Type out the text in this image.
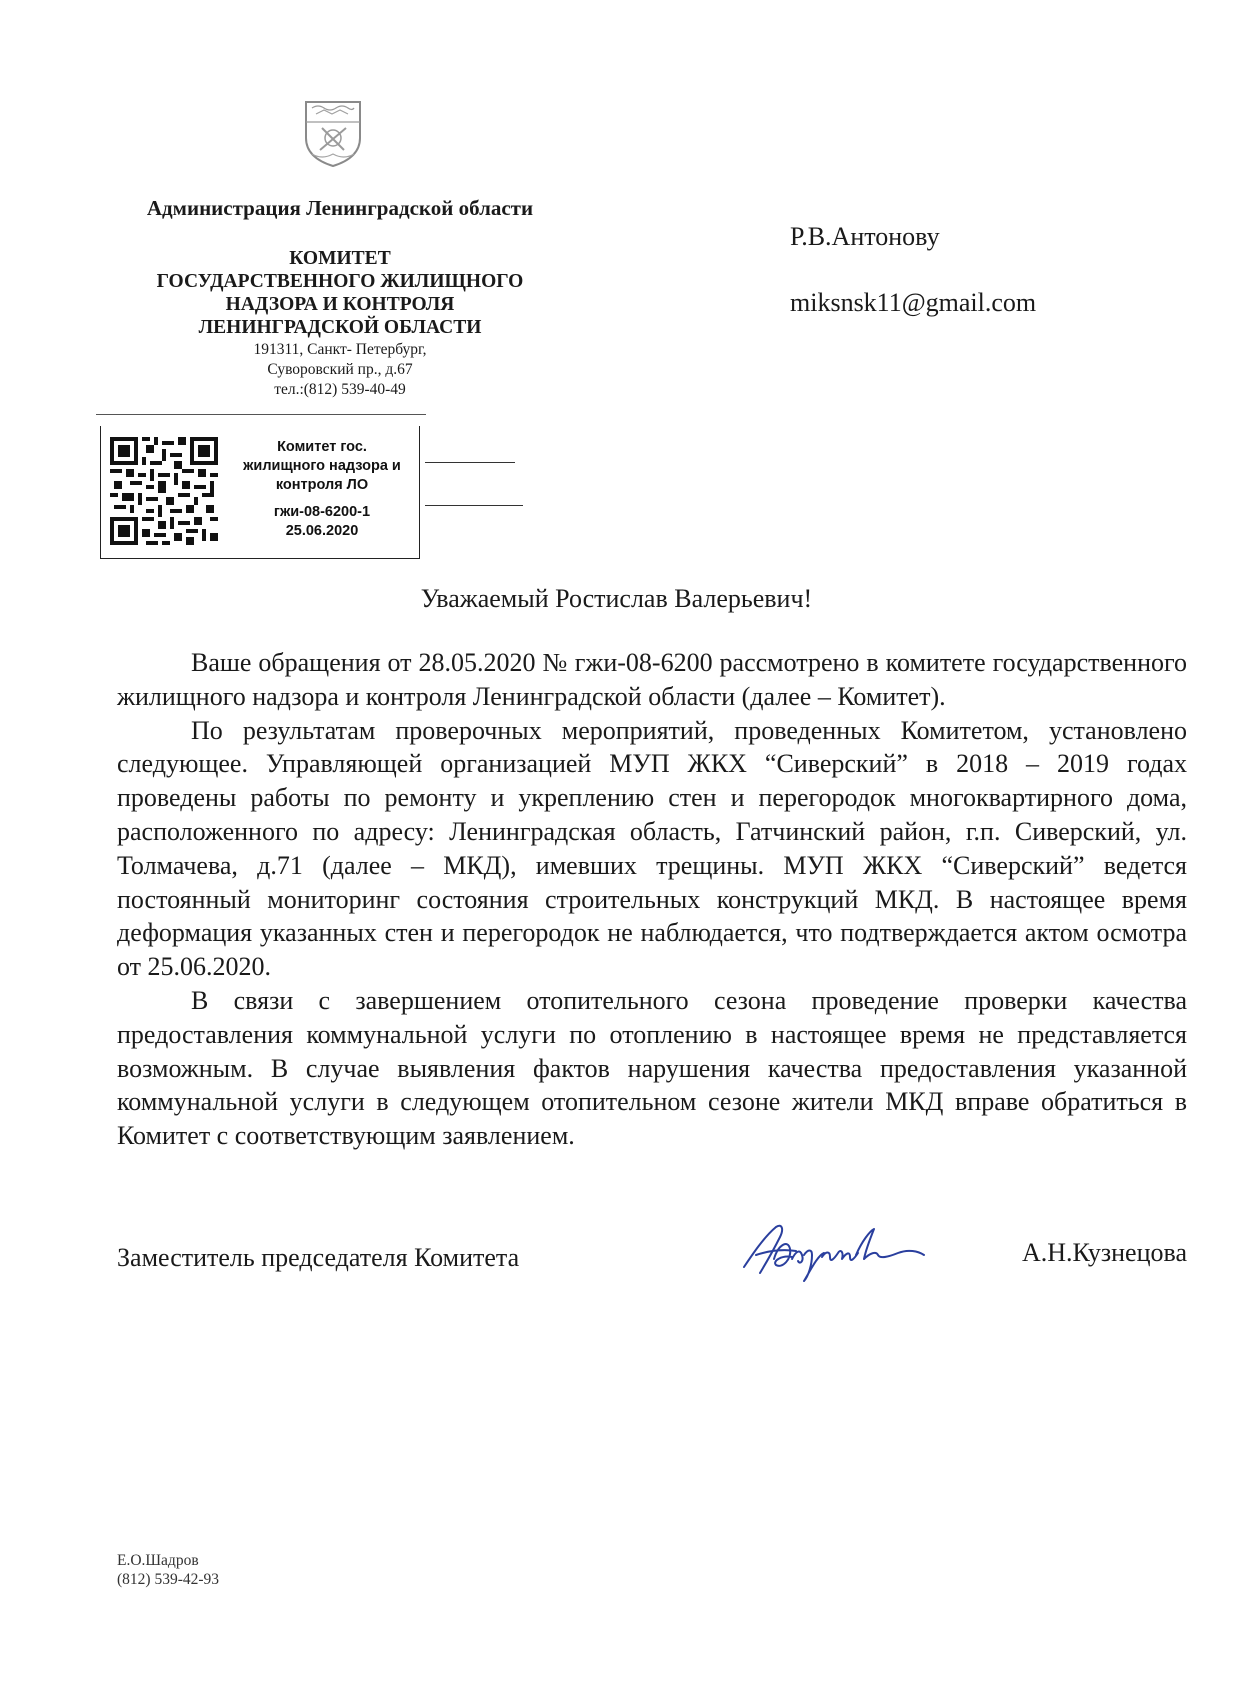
Администрация Ленинградской области
КОМИТЕТ
ГОСУДАРСТВЕННОГО ЖИЛИЩНОГО
НАДЗОРА И КОНТРОЛЯ
ЛЕНИНГРАДСКОЙ ОБЛАСТИ
191311, Санкт- Петербург,
Суворовский пр., д.67
тел.:(812) 539-40-49
Комитет гос.
жилищного надзора и
контроля ЛО
гжи-08-6200-1
25.06.2020
Р.В.Антонову
miksnsk11@gmail.com
Уважаемый Ростислав Валерьевич!

Ваше обращения от 28.05.2020 № гжи-08-6200 рассмотрено в комитете государственного жилищного надзора и контроля Ленинградской области (далее – Комитет).

По результатам проверочных мероприятий, проведенных Комитетом, установлено следующее. Управляющей организацией МУП ЖКХ “Сиверский” в 2018 – 2019 годах проведены работы по ремонту и укреплению стен и перегородок многоквартирного дома, расположенного по адресу: Ленинградская область, Гатчинский район, г.п. Сиверский, ул. Толмачева, д.71 (далее – МКД), имевших трещины. МУП ЖКХ “Сиверский” ведется постоянный мониторинг состояния строительных конструкций МКД. В настоящее время деформация указанных стен и перегородок не наблюдается, что подтверждается актом осмотра от 25.06.2020.

В связи с завершением отопительного сезона проведение проверки качества предоставления коммунальной услуги по отоплению в настоящее время не представляется возможным. В случае выявления фактов нарушения качества предоставления указанной коммунальной услуги в следующем отопительном сезоне жители МКД вправе обратиться в Комитет с соответствующим заявлением.

Заместитель председателя Комитета	А.Н.Кузнецова
Е.О.Шадров
(812) 539-42-93
